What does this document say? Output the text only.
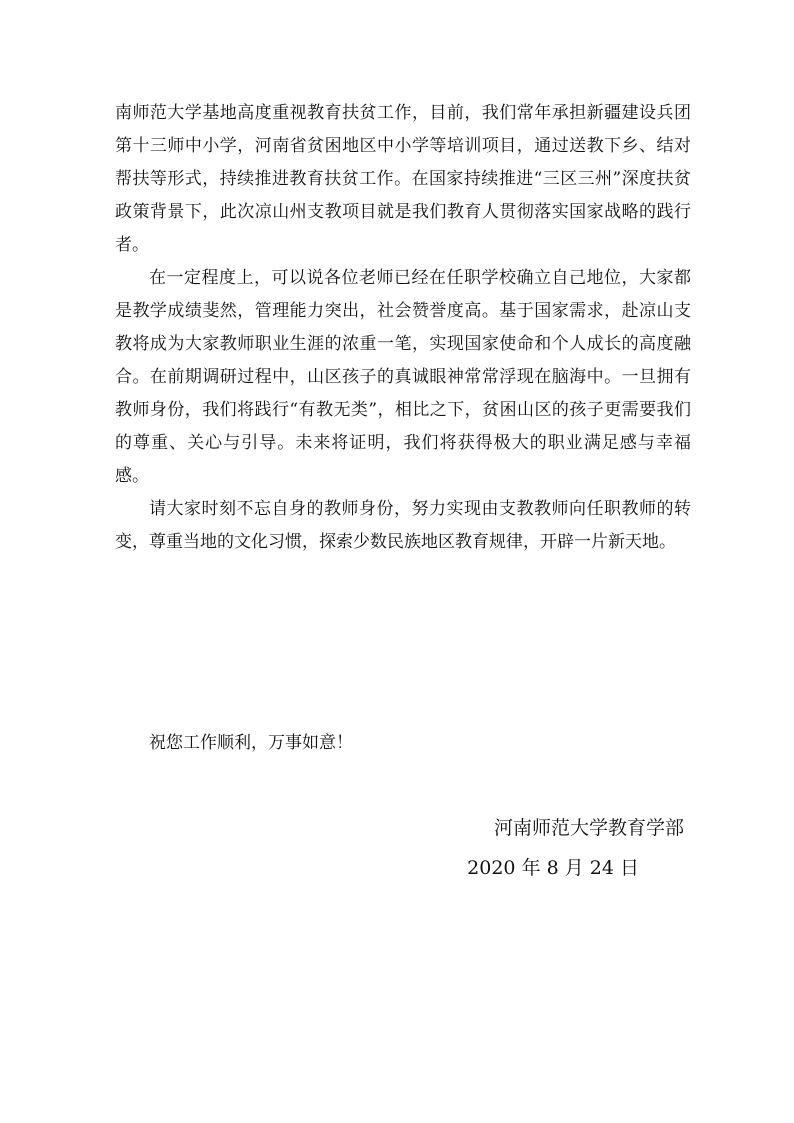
南师范大学基地高度重视教育扶贫工作，目前，我们常年承担新疆建设兵团第十三师中小学，河南省贫困地区中小学等培训项目，通过送教下乡、结对帮扶等形式，持续推进教育扶贫工作。在国家持续推进“三区三州”深度扶贫政策背景下，此次凉山州支教项目就是我们教育人贯彻落实国家战略的践行者。

在一定程度上，可以说各位老师已经在任职学校确立自己地位，大家都是教学成绩斐然，管理能力突出，社会赞誉度高。基于国家需求，赴凉山支教将成为大家教师职业生涯的浓重一笔，实现国家使命和个人成长的高度融合。在前期调研过程中，山区孩子的真诚眼神常常浮现在脑海中。一旦拥有教师身份，我们将践行“有教无类”，相比之下，贫困山区的孩子更需要我们的尊重、关心与引导。未来将证明，我们将获得极大的职业满足感与幸福感。

请大家时刻不忘自身的教师身份，努力实现由支教教师向任职教师的转变，尊重当地的文化习惯，探索少数民族地区教育规律，开辟一片新天地。

祝您工作顺利，万事如意！

河南师范大学教育学部
2020 年 8 月 24 日
